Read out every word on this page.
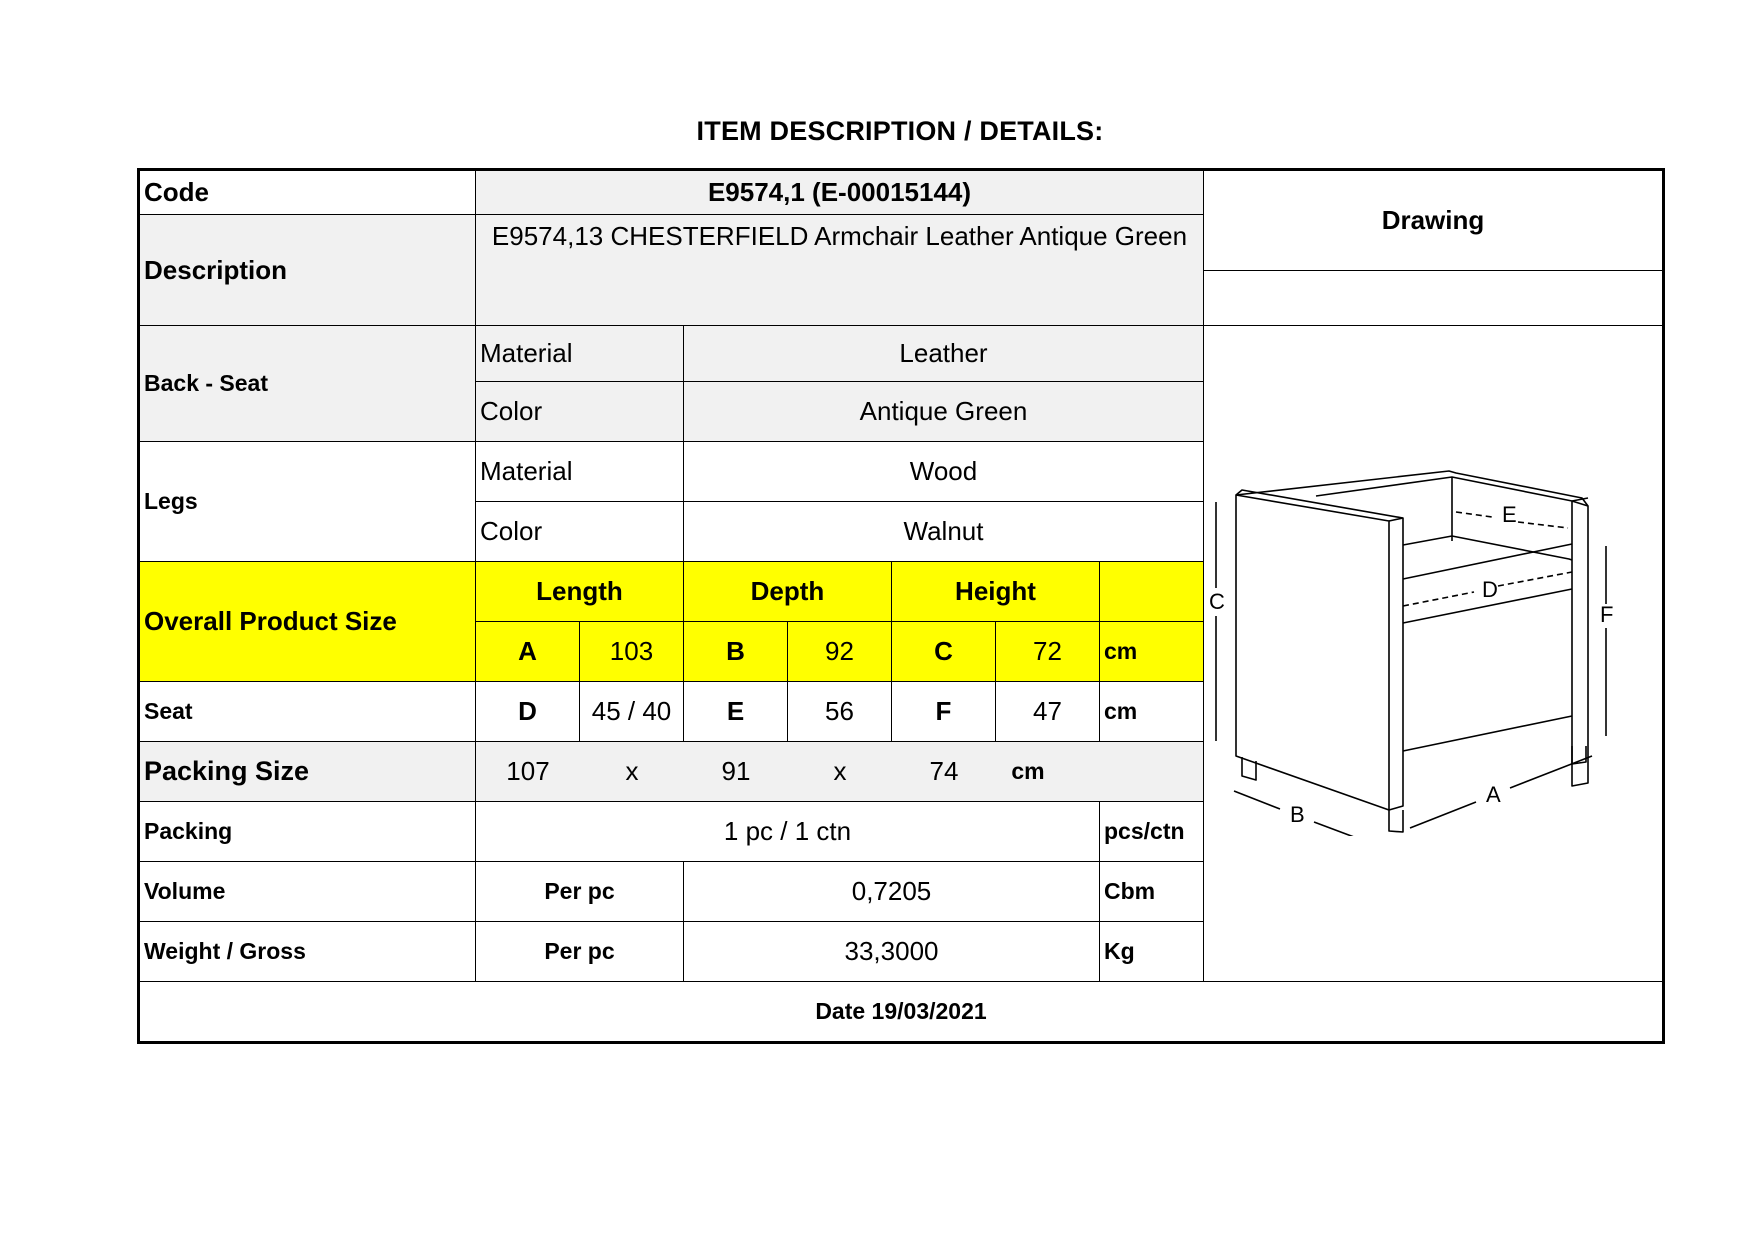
ITEM DESCRIPTION / DETAILS:
Code	E9574,1 (E-00015144)
Description
E9574,13 CHESTERFIELD Armchair Leather Antique Green
Drawing
Back - Seat
Material	Leather
Color	Antique Green
Legs
Material	Wood
Color	Walnut
Overall Product Size
Length	Depth	Height
A	103	B	92	C	72	cm
Seat	D	45 / 40	E	56	F	47	cm
Packing Size	107	x	91	x	74	cm
Packing	1 pc / 1 ctn	pcs/ctn
Volume	Per pc	0,7205	Cbm
Weight / Gross	Per pc	33,3000	Kg
Date 19/03/2021
E
D
C
F
B
A
